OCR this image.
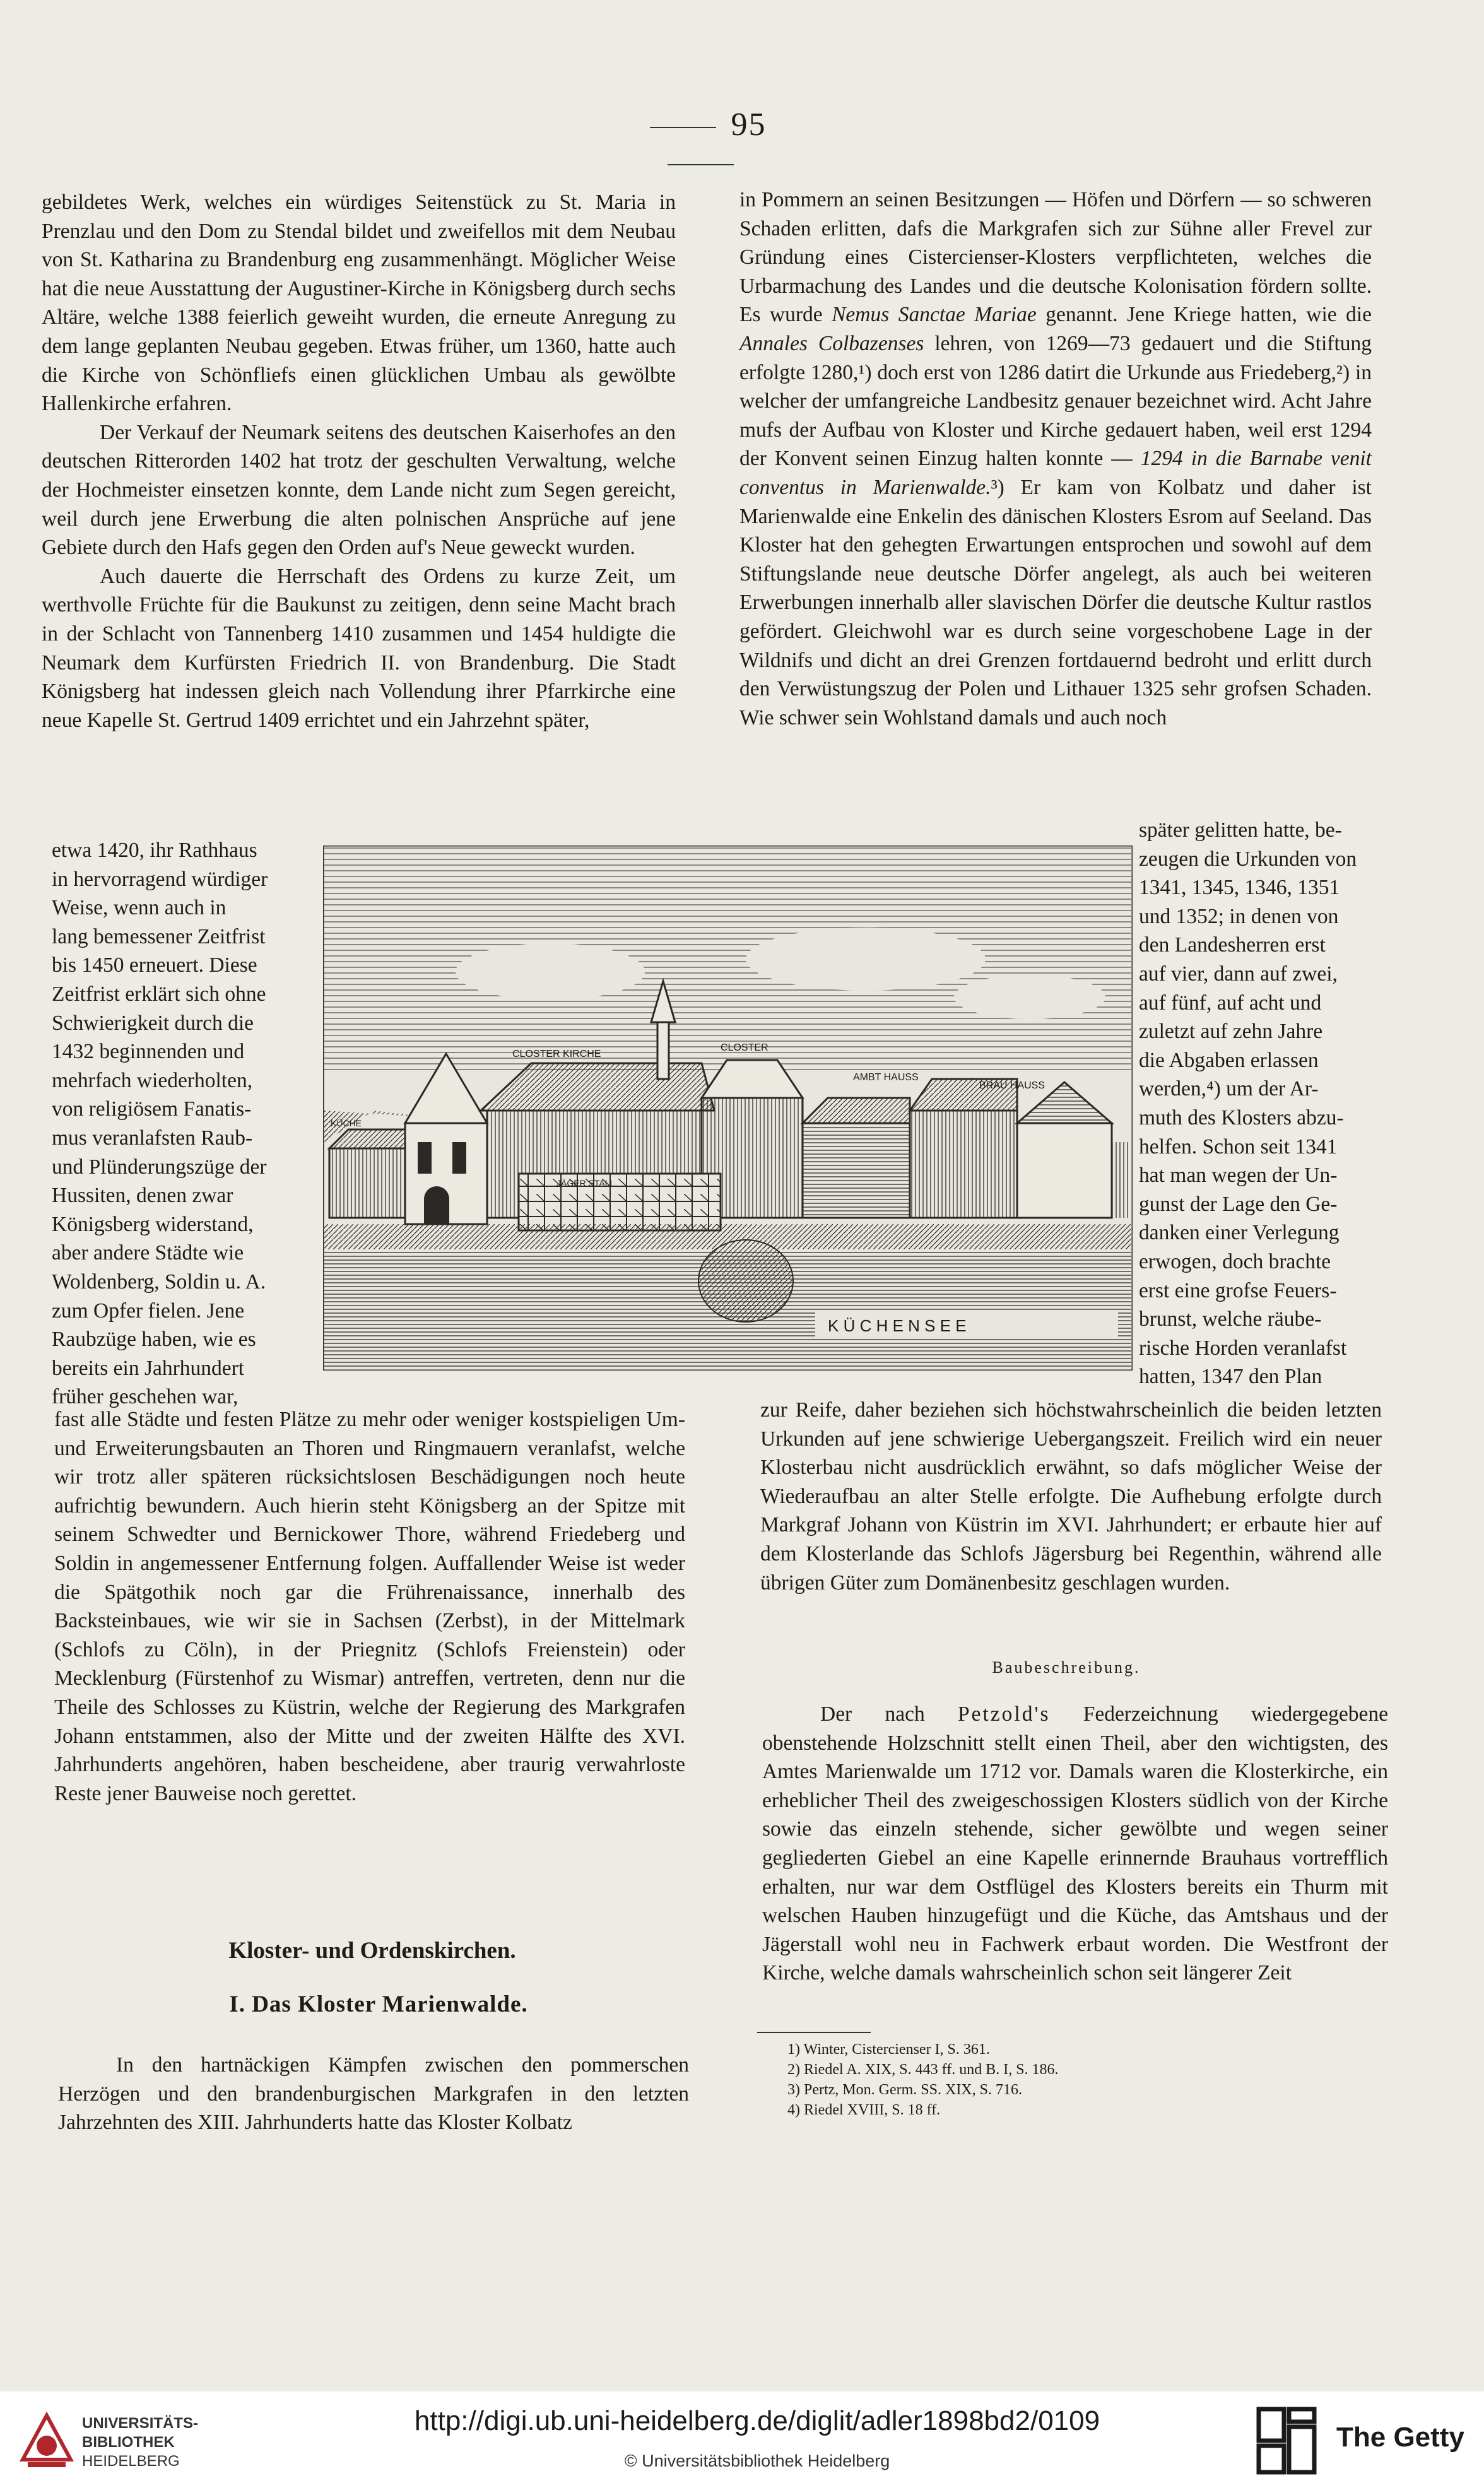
95

gebildetes Werk, welches ein würdiges Seitenstück zu St. Maria in Prenzlau und den Dom zu Stendal bildet und zweifellos mit dem Neubau von St. Katharina zu Brandenburg eng zusammenhängt. Möglicher Weise hat die neue Ausstattung der Augustiner-Kirche in Königsberg durch sechs Altäre, welche 1388 feierlich geweiht wurden, die erneute Anregung zu dem lange geplanten Neubau gegeben. Etwas früher, um 1360, hatte auch die Kirche von Schönfliefs einen glücklichen Umbau als gewölbte Hallenkirche erfahren.

Der Verkauf der Neumark seitens des deutschen Kaiserhofes an den deutschen Ritterorden 1402 hat trotz der geschulten Verwaltung, welche der Hochmeister einsetzen konnte, dem Lande nicht zum Segen gereicht, weil durch jene Erwerbung die alten polnischen Ansprüche auf jene Gebiete durch den Hafs gegen den Orden auf's Neue geweckt wurden.

Auch dauerte die Herrschaft des Ordens zu kurze Zeit, um werthvolle Früchte für die Baukunst zu zeitigen, denn seine Macht brach in der Schlacht von Tannenberg 1410 zusammen und 1454 huldigte die Neumark dem Kurfürsten Friedrich II. von Brandenburg. Die Stadt Königsberg hat indessen gleich nach Vollendung ihrer Pfarrkirche eine neue Kapelle St. Gertrud 1409 errichtet und ein Jahrzehnt später,

etwa 1420, ihr Rathhaus
in hervorragend würdiger
Weise, wenn auch in
lang bemessener Zeitfrist
bis 1450 erneuert. Diese
Zeitfrist erklärt sich ohne
Schwierigkeit durch die
1432 beginnenden und
mehrfach wiederholten,
von religiösem Fanatis-
mus veranlafsten Raub-
und Plünderungszüge der
Hussiten, denen zwar
Königsberg widerstand,
aber andere Städte wie
Woldenberg, Soldin u. A.
zum Opfer fielen. Jene
Raubzüge haben, wie es
bereits ein Jahrhundert
früher geschehen war,
CLOSTER KIRCHE
CLOSTER
AMBT HAUSS
BRAU HAUSS
KÜCHE
JÄGER STALL
K Ü C H E N S E E

fast alle Städte und festen Plätze zu mehr oder weniger kostspieligen Um- und Erweiterungsbauten an Thoren und Ringmauern veranlafst, welche wir trotz aller späteren rücksichtslosen Beschädigungen noch heute aufrichtig bewundern. Auch hierin steht Königsberg an der Spitze mit seinem Schwedter und Bernickower Thore, während Friedeberg und Soldin in angemessener Entfernung folgen. Auffallender Weise ist weder die Spätgothik noch gar die Frührenaissance, innerhalb des Backsteinbaues, wie wir sie in Sachsen (Zerbst), in der Mittelmark (Schlofs zu Cöln), in der Priegnitz (Schlofs Freienstein) oder Mecklenburg (Fürstenhof zu Wismar) antreffen, vertreten, denn nur die Theile des Schlosses zu Küstrin, welche der Regierung des Markgrafen Johann entstammen, also der Mitte und der zweiten Hälfte des XVI. Jahrhunderts angehören, haben bescheidene, aber traurig verwahrloste Reste jener Bauweise noch gerettet.

Kloster- und Ordenskirchen.
I. Das Kloster Marienwalde.

In den hartnäckigen Kämpfen zwischen den pommerschen Herzögen und den brandenburgischen Markgrafen in den letzten Jahrzehnten des XIII. Jahrhunderts hatte das Kloster Kolbatz

in Pommern an seinen Besitzungen — Höfen und Dörfern — so schweren Schaden erlitten, dafs die Markgrafen sich zur Sühne aller Frevel zur Gründung eines Cistercienser-Klosters verpflichteten, welches die Urbarmachung des Landes und die deutsche Kolonisation fördern sollte. Es wurde Nemus Sanctae Mariae genannt. Jene Kriege hatten, wie die Annales Colbazenses lehren, von 1269—73 gedauert und die Stiftung erfolgte 1280,¹) doch erst von 1286 datirt die Urkunde aus Friedeberg,²) in welcher der umfangreiche Landbesitz genauer bezeichnet wird. Acht Jahre mufs der Aufbau von Kloster und Kirche gedauert haben, weil erst 1294 der Konvent seinen Einzug halten konnte — 1294 in die Barnabe venit conventus in Marienwalde.³) Er kam von Kolbatz und daher ist Marienwalde eine Enkelin des dänischen Klosters Esrom auf Seeland. Das Kloster hat den gehegten Erwartungen entsprochen und sowohl auf dem Stiftungslande neue deutsche Dörfer angelegt, als auch bei weiteren Erwerbungen innerhalb aller slavischen Dörfer die deutsche Kultur rastlos gefördert. Gleichwohl war es durch seine vorgeschobene Lage in der Wildnifs und dicht an drei Grenzen fortdauernd bedroht und erlitt durch den Verwüstungszug der Polen und Lithauer 1325 sehr grofsen Schaden. Wie schwer sein Wohlstand damals und auch noch

später gelitten hatte, be-
zeugen die Urkunden von
1341, 1345, 1346, 1351
und 1352; in denen von
den Landesherren erst
auf vier, dann auf zwei,
auf fünf, auf acht und
zuletzt auf zehn Jahre
die Abgaben erlassen
werden,⁴) um der Ar-
muth des Klosters abzu-
helfen. Schon seit 1341
hat man wegen der Un-
gunst der Lage den Ge-
danken einer Verlegung
erwogen, doch brachte
erst eine grofse Feuers-
brunst, welche räube-
rische Horden veranlafst
hatten, 1347 den Plan

zur Reife, daher beziehen sich höchstwahrscheinlich die beiden letzten Urkunden auf jene schwierige Uebergangszeit. Freilich wird ein neuer Klosterbau nicht ausdrücklich erwähnt, so dafs möglicher Weise der Wiederaufbau an alter Stelle erfolgte. Die Aufhebung erfolgte durch Markgraf Johann von Küstrin im XVI. Jahrhundert; er erbaute hier auf dem Klosterlande das Schlofs Jägersburg bei Regenthin, während alle übrigen Güter zum Domänenbesitz geschlagen wurden.

Baubeschreibung.

Der nach Petzold's Federzeichnung wiedergegebene obenstehende Holzschnitt stellt einen Theil, aber den wichtigsten, des Amtes Marienwalde um 1712 vor. Damals waren die Klosterkirche, ein erheblicher Theil des zweigeschossigen Klosters südlich von der Kirche sowie das einzeln stehende, sicher gewölbte und wegen seiner gegliederten Giebel an eine Kapelle erinnernde Brauhaus vortrefflich erhalten, nur war dem Ostflügel des Klosters bereits ein Thurm mit welschen Hauben hinzugefügt und die Küche, das Amtshaus und der Jägerstall wohl neu in Fachwerk erbaut worden. Die Westfront der Kirche, welche damals wahrscheinlich schon seit längerer Zeit

1) Winter, Cistercienser I, S. 361.
2) Riedel A. XIX, S. 443 ff. und B. I, S. 186.
3) Pertz, Mon. Germ. SS. XIX, S. 716.
4) Riedel XVIII, S. 18 ff.
UNIVERSITÄTS-
BIBLIOTHEK
HEIDELBERG
http://digi.ub.uni-heidelberg.de/diglit/adler1898bd2/0109
© Universitätsbibliothek Heidelberg
The Getty
